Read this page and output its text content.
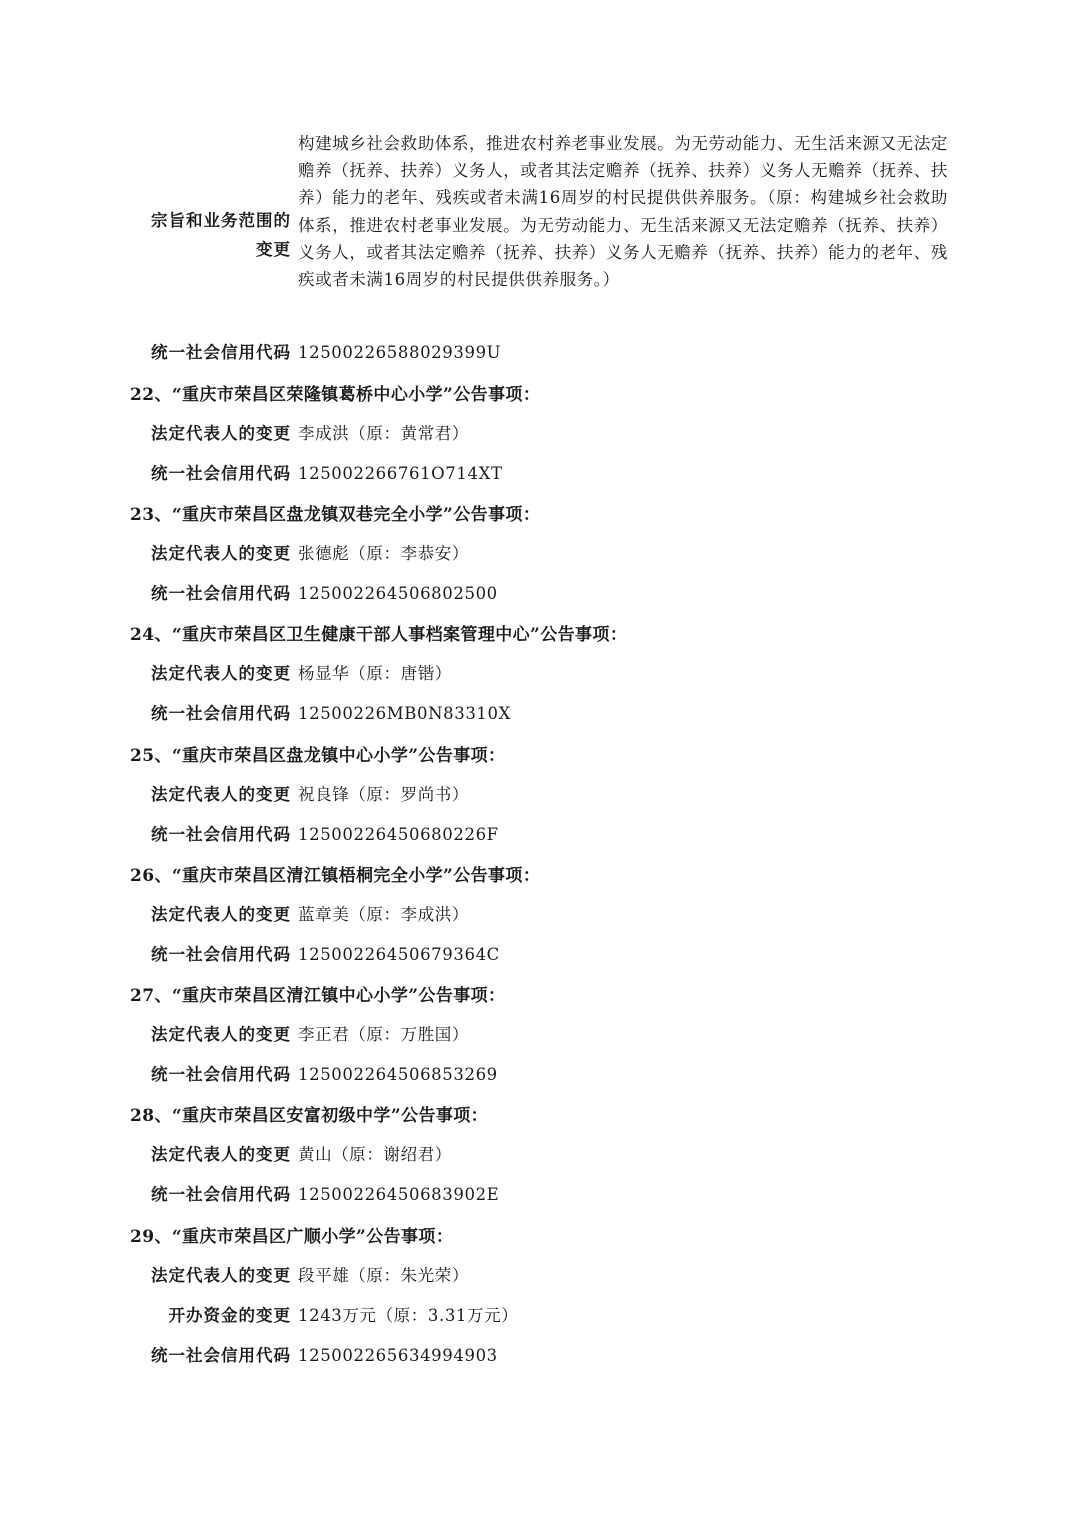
宗旨和业务范围的
变更
构建城乡社会救助体系，推进农村养老事业发展。为无劳动能力、无生活来源又无法定赡养（抚养、扶养）义务人，或者其法定赡养（抚养、扶养）义务人无赡养（抚养、扶养）能力的老年、残疾或者未满16周岁的村民提供供养服务。（原：构建城乡社会救助体系，推进农村老事业发展。为无劳动能力、无生活来源又无法定赡养（抚养、扶养）义务人，或者其法定赡养（抚养、扶养）义务人无赡养（抚养、扶养）能力的老年、残疾或者未满16周岁的村民提供供养服务。）
统一社会信用代码 12500226588029399U
22、“重庆市荣昌区荣隆镇葛桥中心小学”公告事项：
法定代表人的变更 李成洪（原：黄常君）
统一社会信用代码 125002266761O714XT
23、“重庆市荣昌区盘龙镇双巷完全小学”公告事项：
法定代表人的变更 张德彪（原：李恭安）
统一社会信用代码 125002264506802500
24、“重庆市荣昌区卫生健康干部人事档案管理中心”公告事项：
法定代表人的变更 杨显华（原：唐锴）
统一社会信用代码 12500226MB0N83310X
25、“重庆市荣昌区盘龙镇中心小学”公告事项：
法定代表人的变更 祝良锋（原：罗尚书）
统一社会信用代码 12500226450680226F
26、“重庆市荣昌区清江镇梧桐完全小学”公告事项：
法定代表人的变更 蓝章美（原：李成洪）
统一社会信用代码 12500226450679364C
27、“重庆市荣昌区清江镇中心小学”公告事项：
法定代表人的变更 李正君（原：万胜国）
统一社会信用代码 125002264506853269
28、“重庆市荣昌区安富初级中学”公告事项：
法定代表人的变更 黄山（原：谢绍君）
统一社会信用代码 12500226450683902E
29、“重庆市荣昌区广顺小学”公告事项：
法定代表人的变更 段平雄（原：朱光荣）
开办资金的变更 1243万元（原：3.31万元）
统一社会信用代码 125002265634994903
